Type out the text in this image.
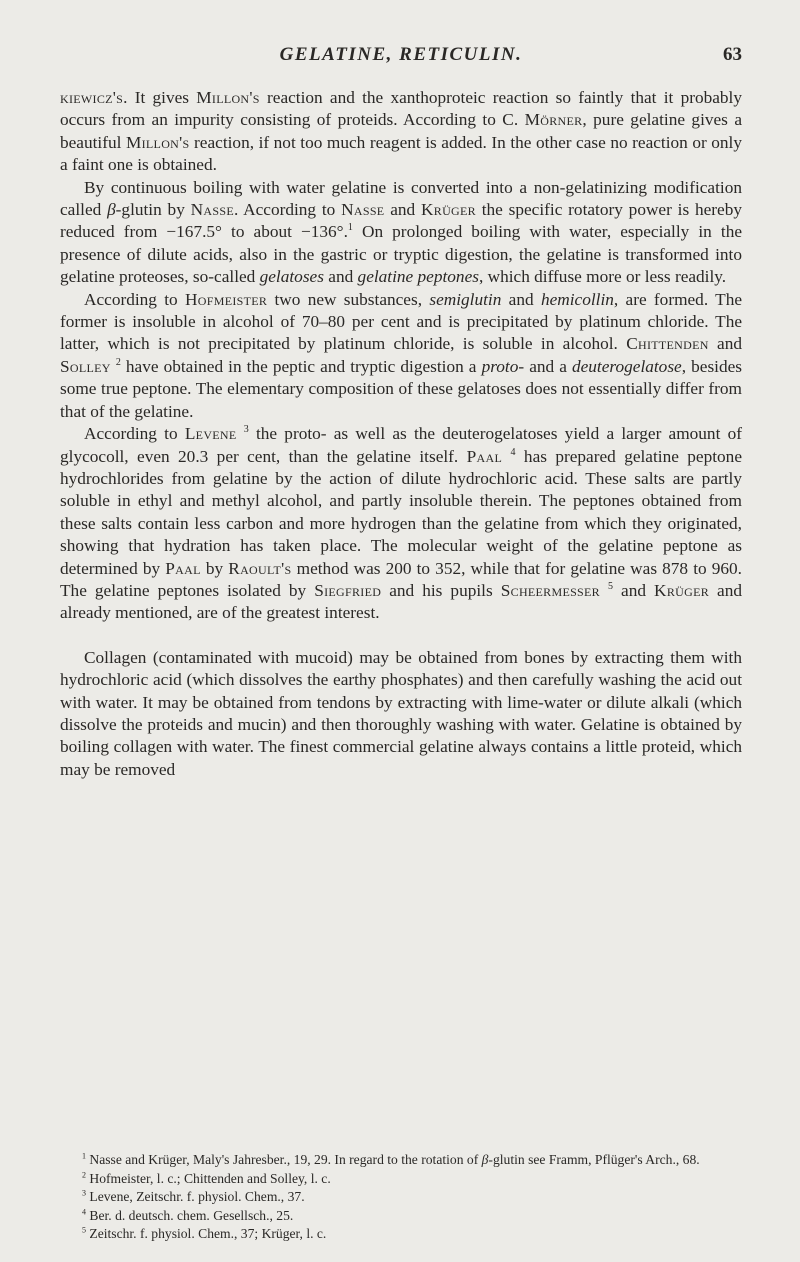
GELATINE, RETICULIN.	63

kiewicz's. It gives Millon's reaction and the xanthoproteic reaction so faintly that it probably occurs from an impurity consisting of proteids. According to C. Mörner, pure gelatine gives a beautiful Millon's reaction, if not too much reagent is added. In the other case no reaction or only a faint one is obtained.

By continuous boiling with water gelatine is converted into a non-gelatinizing modification called β-glutin by Nasse. According to Nasse and Krüger the specific rotatory power is hereby reduced from −167.5° to about −136°.$^1$ On prolonged boiling with water, especially in the presence of dilute acids, also in the gastric or tryptic digestion, the gelatine is transformed into gelatine proteoses, so-called gelatoses and gelatine peptones, which diffuse more or less readily.

According to Hofmeister two new substances, semiglutin and hemicollin, are formed. The former is insoluble in alcohol of 70–80 per cent and is precipitated by platinum chloride. The latter, which is not precipitated by platinum chloride, is soluble in alcohol. Chittenden and Solley $^2$ have obtained in the peptic and tryptic digestion a proto- and a deuterogelatose, besides some true peptone. The elementary composition of these gelatoses does not essentially differ from that of the gelatine.

According to Levene $^3$ the proto- as well as the deuterogelatoses yield a larger amount of glycocoll, even 20.3 per cent, than the gelatine itself. Paal $^4$ has prepared gelatine peptone hydrochlorides from gelatine by the action of dilute hydrochloric acid. These salts are partly soluble in ethyl and methyl alcohol, and partly insoluble therein. The peptones obtained from these salts contain less carbon and more hydrogen than the gelatine from which they originated, showing that hydration has taken place. The molecular weight of the gelatine peptone as determined by Paal by Raoult's method was 200 to 352, while that for gelatine was 878 to 960. The gelatine peptones isolated by Siegfried and his pupils Scheermesser $^5$ and Krüger and already mentioned, are of the greatest interest.

Collagen (contaminated with mucoid) may be obtained from bones by extracting them with hydrochloric acid (which dissolves the earthy phosphates) and then carefully washing the acid out with water. It may be obtained from tendons by extracting with lime-water or dilute alkali (which dissolve the proteids and mucin) and then thoroughly washing with water. Gelatine is obtained by boiling collagen with water. The finest commercial gelatine always contains a little proteid, which may be removed

$^1$ Nasse and Krüger, Maly's Jahresber., 19, 29. In regard to the rotation of β-glutin see Framm, Pflüger's Arch., 68.

$^2$ Hofmeister, l. c.; Chittenden and Solley, l. c.

$^3$ Levene, Zeitschr. f. physiol. Chem., 37.

$^4$ Ber. d. deutsch. chem. Gesellsch., 25.

$^5$ Zeitschr. f. physiol. Chem., 37; Krüger, l. c.
